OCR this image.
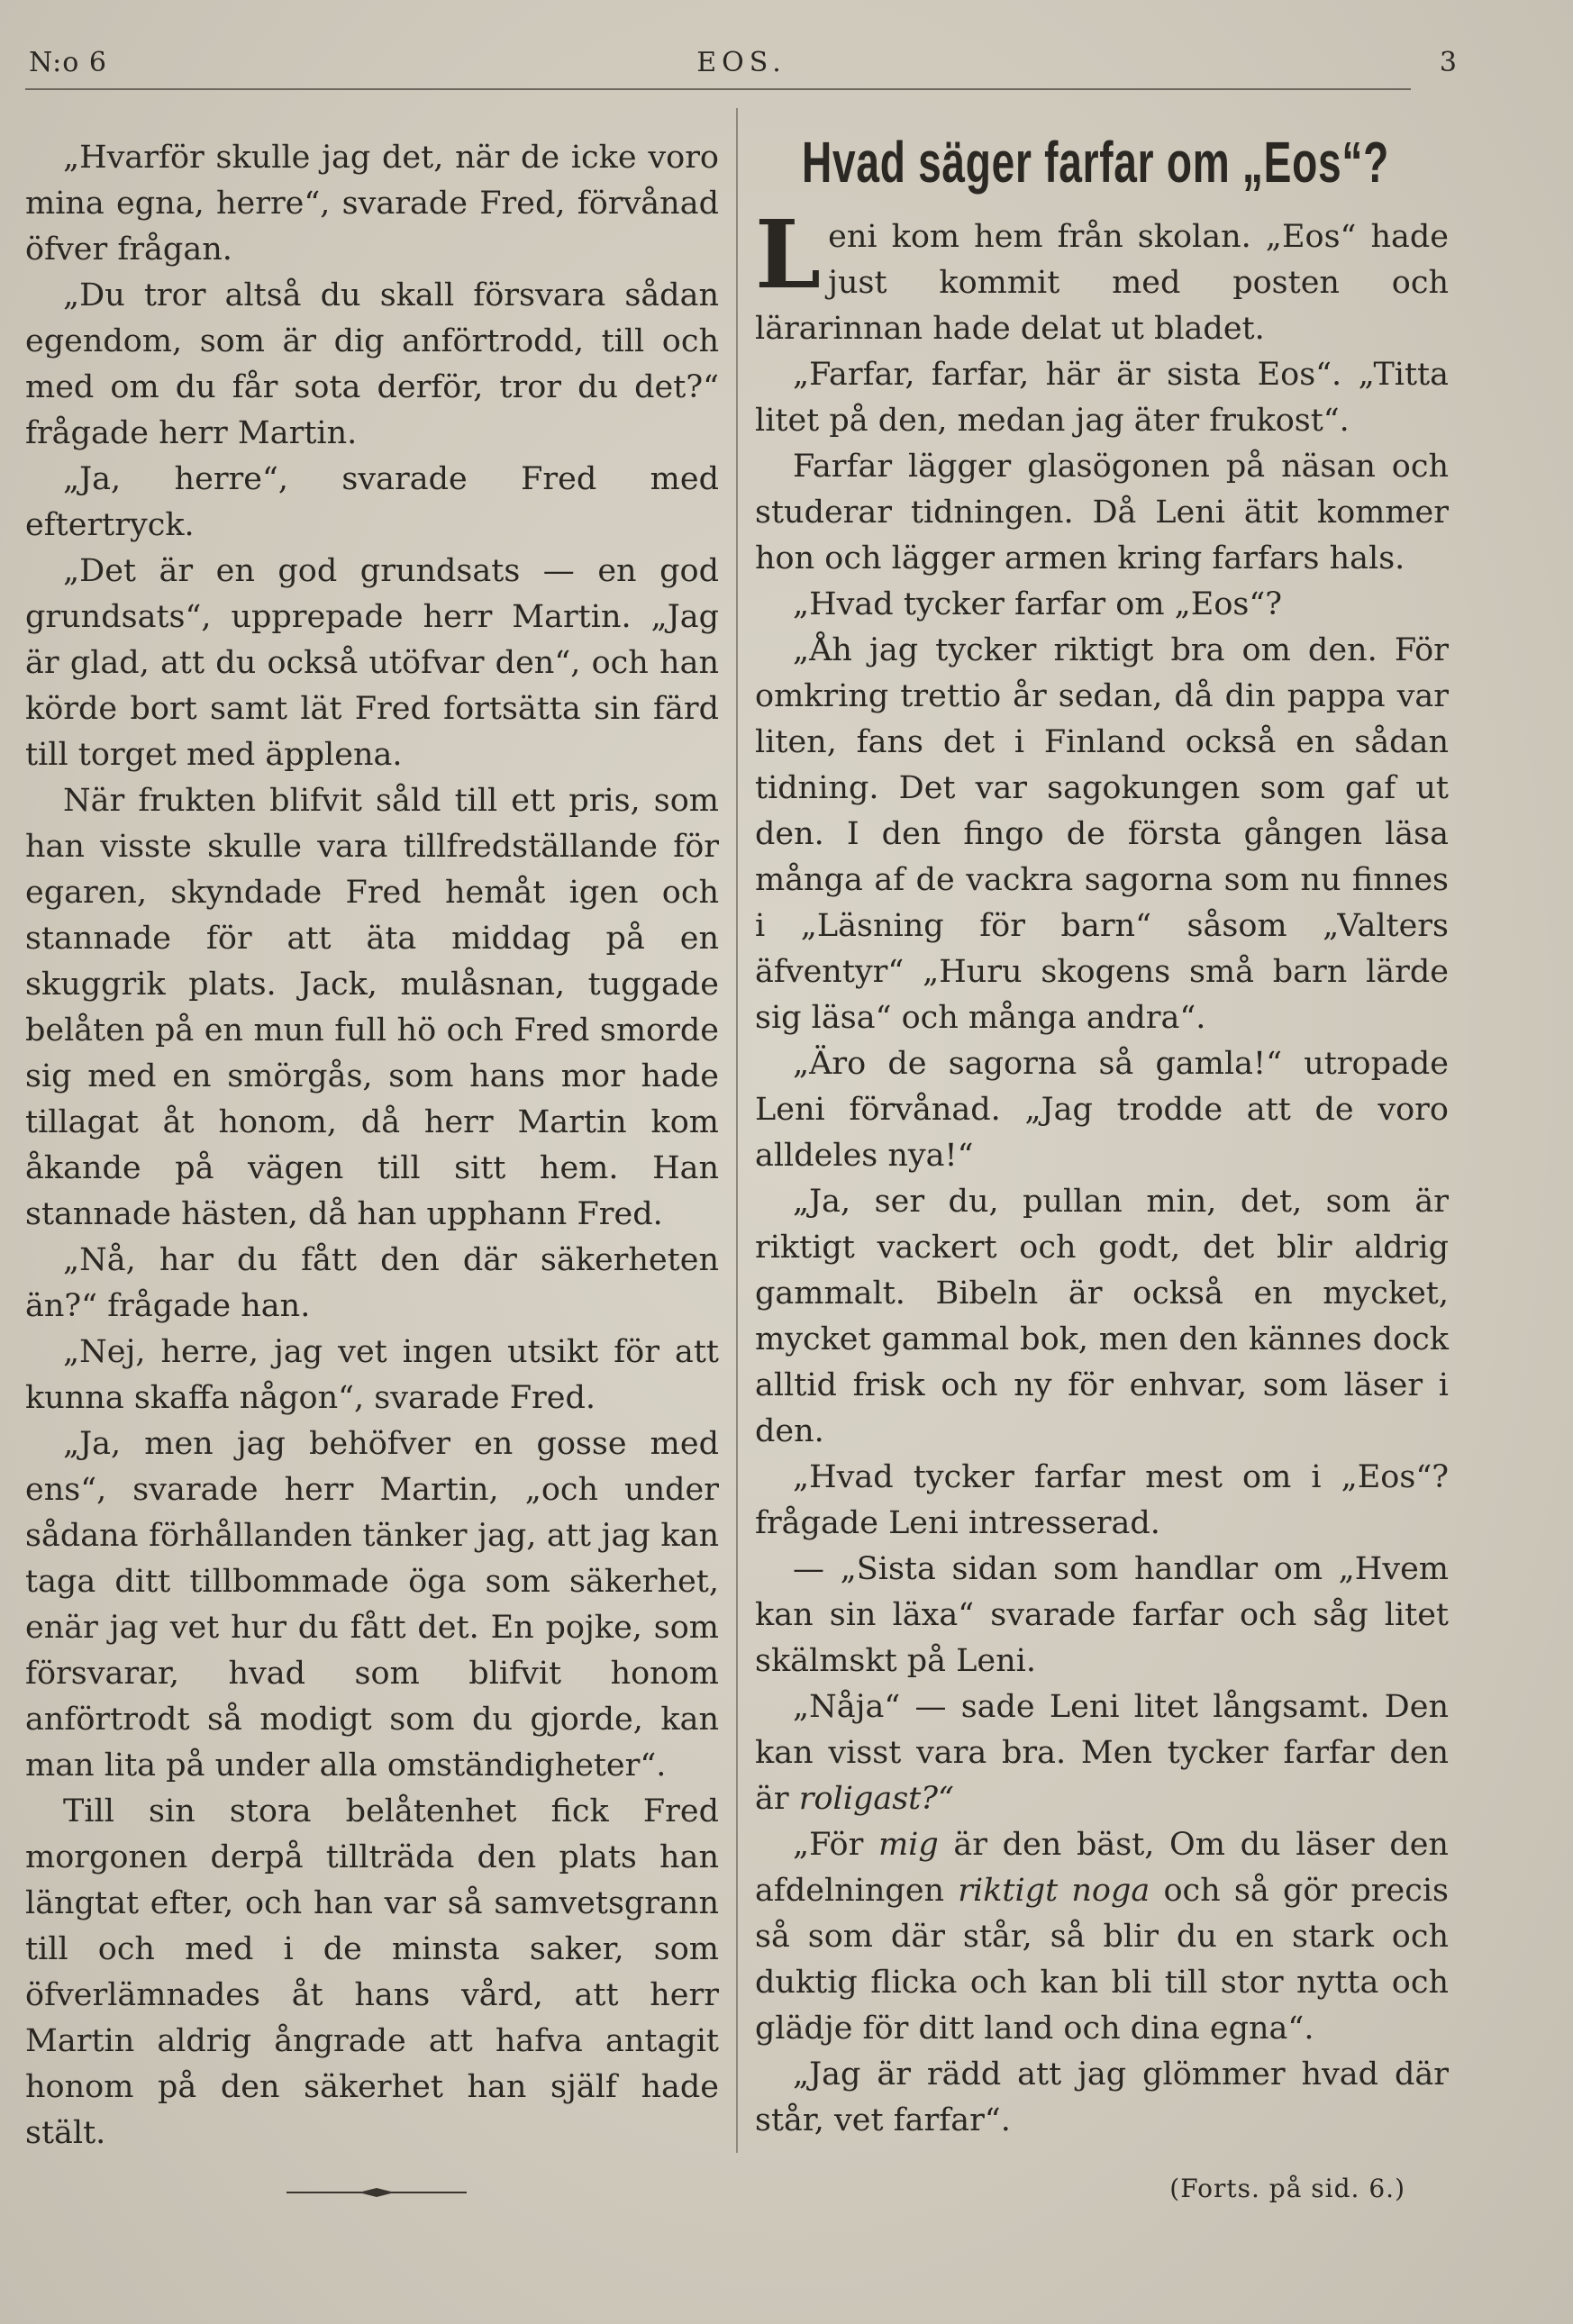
N:o 6	EOS.	3

„Hvarför skulle jag det, när de icke voro mina egna, herre“, svarade Fred, förvånad öfver frågan.

„Du tror altså du skall försvara sådan egendom, som är dig anförtrodd, till och med om du får sota derför, tror du det?“ frågade herr Martin.

„Ja, herre“, svarade Fred med eftertryck.

„Det är en god grundsats — en god grundsats“, upprepade herr Martin. „Jag är glad, att du också utöfvar den“, och han körde bort samt lät Fred fortsätta sin färd till torget med äpplena.

När frukten blifvit såld till ett pris, som han visste skulle vara tillfredställande för egaren, skyndade Fred hemåt igen och stannade för att äta middag på en skuggrik plats. Jack, mulåsnan, tuggade belåten på en mun full hö och Fred smorde sig med en smörgås, som hans mor hade tillagat åt honom, då herr Martin kom åkande på vägen till sitt hem. Han stannade hästen, då han upphann Fred.

„Nå, har du fått den där säkerheten än?“ frågade han.

„Nej, herre, jag vet ingen utsikt för att kunna skaffa någon“, svarade Fred.

„Ja, men jag behöfver en gosse med ens“, svarade herr Martin, „och under sådana förhållanden tänker jag, att jag kan taga ditt tillbommade öga som säkerhet, enär jag vet hur du fått det. En pojke, som försvarar, hvad som blifvit honom anförtrodt så modigt som du gjorde, kan man lita på under alla omständigheter“.

Till sin stora belåtenhet fick Fred morgonen derpå tillträda den plats han längtat efter, och han var så samvetsgrann till och med i de minsta saker, som öfverlämnades åt hans vård, att herr Martin aldrig ångrade att hafva antagit honom på den säkerhet han själf hade stält.

Hvad säger farfar om „Eos“?

Leni kom hem från skolan. „Eos“ hade just kommit med posten och lärarinnan hade delat ut bladet.

„Farfar, farfar, här är sista Eos“. „Titta litet på den, medan jag äter frukost“.

Farfar lägger glasögonen på näsan och studerar tidningen. Då Leni ätit kommer hon och lägger armen kring farfars hals.

„Hvad tycker farfar om „Eos“?

„Åh jag tycker riktigt bra om den. För omkring trettio år sedan, då din pappa var liten, fans det i Finland också en sådan tidning. Det var sagokungen som gaf ut den. I den fingo de första gången läsa många af de vackra sagorna som nu finnes i „Läsning för barn“ såsom „Valters äfventyr“ „Huru skogens små barn lärde sig läsa“ och många andra“.

„Äro de sagorna så gamla!“ utropade Leni förvånad. „Jag trodde att de voro alldeles nya!“

„Ja, ser du, pullan min, det, som är riktigt vackert och godt, det blir aldrig gammalt. Bibeln är också en mycket, mycket gammal bok, men den kännes dock alltid frisk och ny för enhvar, som läser i den.

„Hvad tycker farfar mest om i „Eos“? frågade Leni intresserad.

— „Sista sidan som handlar om „Hvem kan sin läxa“ svarade farfar och såg litet skälmskt på Leni.

„Nåja“ — sade Leni litet långsamt. Den kan visst vara bra. Men tycker farfar den är roligast?“

„För mig är den bäst, Om du läser den afdelningen riktigt noga och så gör precis så som där står, så blir du en stark och duktig flicka och kan bli till stor nytta och glädje för ditt land och dina egna“.

„Jag är rädd att jag glömmer hvad där står, vet farfar“.

(Forts. på sid. 6.)
